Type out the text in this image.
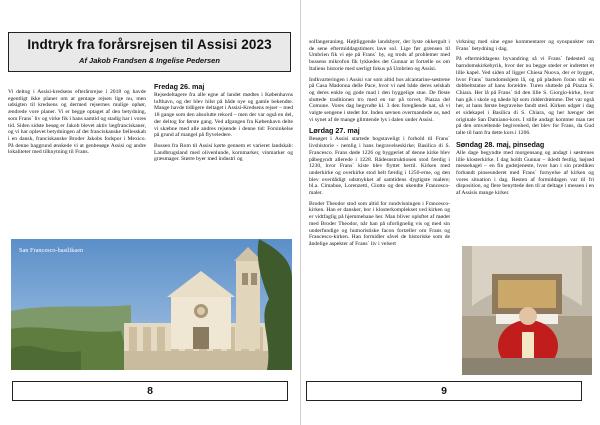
Indtryk fra forårsrejsen til Assisi 2023
Af Jakob Frandsen & Ingelise Pedersen

Vi deltog i Assisi-kredsens efterårsrejse i 2018 og havde egentligt ikke planer om at gentage rejsen lige nu, men udsigten til kredsens og dermed rejsernes mulige ophør, ændrede vore planer. Vi er begge optaget af den betydning, som Frans´ liv og virke fik i hans samtid og stadig har i vores tid. Siden sidste besøg er Jakob blevet aktiv lægfranciskaner, og vi har oplevet betydningen af det franciskanske fællesskab i en dansk, franciskanske Broder Jakobs fodspor i Mexico. På denne baggrund ønskede vi at genbesøge Assisi og andre lokaliteter med tilknytning til Frans.

Fredag 26. maj

Rejsedeltagere fra alle egne af landet mødtes i Københavns lufthavn, og der blev hilst på både nye og gamle bekendte. Mange havde tidligere deltaget i Assisi-Kredsens rejser – med 18 gange som den absolutte rekord – men der var også en del, der deltog for første gang. Ved afgangen fra København delte vi skæbne med alle andres rejsende i denne tid: Forsinkelse på grund af mangel på flyvelederе.

Bussen fra Rom til Assisi kørte gennem et varieret landskab: Landbrugsland med olivenlunde, kornmarker, vinmarker og græsmager. Større byer med industri og

San Francesco-basilikaen
8

solfangeranlæg. Højtliggende landsbyer, der lyste okkergult i de sene eftermiddagstimers lave sol. Lige før grænsen til Umbrien fik vi øje på Frans´ by, og trods af problemer med bussens mikrofon fik lykkedes det Gunnar at fortælle os om Italiens historie med særligt fokus på Umbrien og Assisi.

Indkvarteringen i Assisi var som altid hos alcantarine-søstrene på Casa Madonna delle Pace, hvor vi nød både deres selskab og deres enkle og gode mad i den hyggelige stue. De fleste sluttede traditionen tro med en tur på torvet, Piazza del Comune. Vores dag begyndte kl. 3 den foregående nat, så vi valgte sengene i stedet for. Inden søvnen overmandede os, nød vi synet af de mange glimtende lys i dalen under Assisi.

Lørdag 27. maj

Besøget i Assisi startede bogstaveligt i forhold til Frans´ livshistorie - nemlig i hans begravelseskirke; Basilica di S. Francesco. Frans døde 1226 og byggeriet af denne kirke blev påbegyndt allerede i 1228. Rådesnstruktionen stod færdig i 1230, hvor Frans´ kiste blev flyttet hertil. Kirken med underkirke og overkirke stod helt færdig i 1250-erne, og den blev overdådigt udsmykket af samtidens dygtigste malere; bl.a. Cimabue, Lorenzetti, Giotto og den ukendte Francesco-maler.

Broder Theodor stod som altid for rundvisningen i Francesco-kirken. Han er dansker, bor i klosterkomplekset ved kirken og er vidtfaglig på hjemmebane her. Man bliver oplsftet af mødet med Broder Theodor, når han på uforlignelig vis og med sin underfundige og humoristiske facon fortæller om Frans og Francesco-kirken. Han formidler såvel de historiske som de åndelige aspekter af Frans´ liv i velsert

virkning med sine egne kommentarer og synspunkter om Frans´ betydning i dag.

På eftermiddagens byvandring så vi Frans´ fødested og barndomskirkebyrik, hvor der nu begge steder er indrettet et lille kapel. Ved siden af ligger Chiesa Nuova, der er bygget, hvor Frans´ barndomshjem lå, og på pladsen foran står en dobbeltstatue af hans forældre. Turen sluttede på Piazza S. Chiara. Her lå på Frans´ tid den lille S. Giorgio-kirke, hvor han gik i skole og nåede hjt som ridderdrømme. Det var også her, at hans første begravelse fandt sted. Kirken udgør i dag et sidekapel i Basilica di S. Chiara, og her hænger det originale San Damiano-kors. I stille andagt kommer man tæt på den omvæltende begivenhed, det blev for Frans, da Gud talte til ham fra dette kors i 1206.

Søndag 28. maj, pinsedag

Alle dage begyndte med morgensang og andagt i søstrenes lille klosterkirke. I dag holdt Gunnar – ikledt festlig, højrød messehagel – en fin gudstjeneste, hvor han i sin prædiken forbandt pinseunderet med Frans´ fornyelse af kirken og vores situation i dag. Resten af formiddagen var til fri disposition, og flere benyttede den til at deltage i messen i en af Assisis mange kirker.

9
